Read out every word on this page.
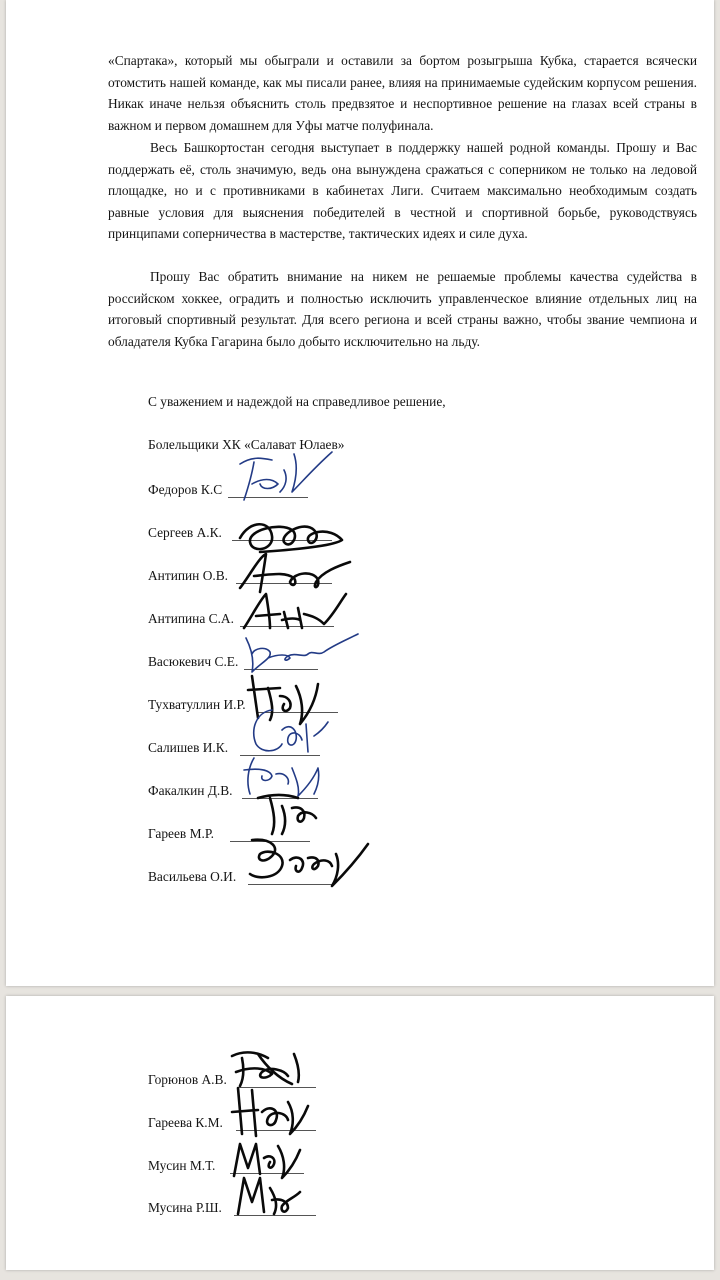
«Спартака», который мы обыграли и оставили за бортом розыгрыша Кубка, старается всячески отомстить нашей команде, как мы писали ранее, влияя на принимаемые судейским корпусом решения. Никак иначе нельзя объяснить столь предвзятое и неспортивное решение на глазах всей страны в важном и первом домашнем для Уфы матче полуфинала.

Весь Башкортостан сегодня выступает в поддержку нашей родной команды. Прошу и Вас поддержать её, столь значимую, ведь она вынуждена сражаться с соперником не только на ледовой площадке, но и с противниками в кабинетах Лиги. Считаем максимально необходимым создать равные условия для выяснения победителей в честной и спортивной борьбе, руководствуясь принципами соперничества в мастерстве, тактических идеях и силе духа.

Прошу Вас обратить внимание на никем не решаемые проблемы качества судейства в российском хоккее, оградить и полностью исключить управленческое влияние отдельных лиц на итоговый спортивный результат. Для всего региона и всей страны важно, чтобы звание чемпиона и обладателя Кубка Гагарина было добыто исключительно на льду.

С уважением и надеждой на справедливое решение,
Болельщики ХК «Салават Юлаев»
Федоров К.С
Сергеев А.К.
Антипин О.В.
Антипина С.А.
Васюкевич С.Е.
Тухватуллин И.Р.
Салишев И.К.
Факалкин Д.В.
Гареев М.Р.
Васильева О.И.
Горюнов А.В.
Гареева К.М.
Мусин М.Т.
Мусина Р.Ш.
